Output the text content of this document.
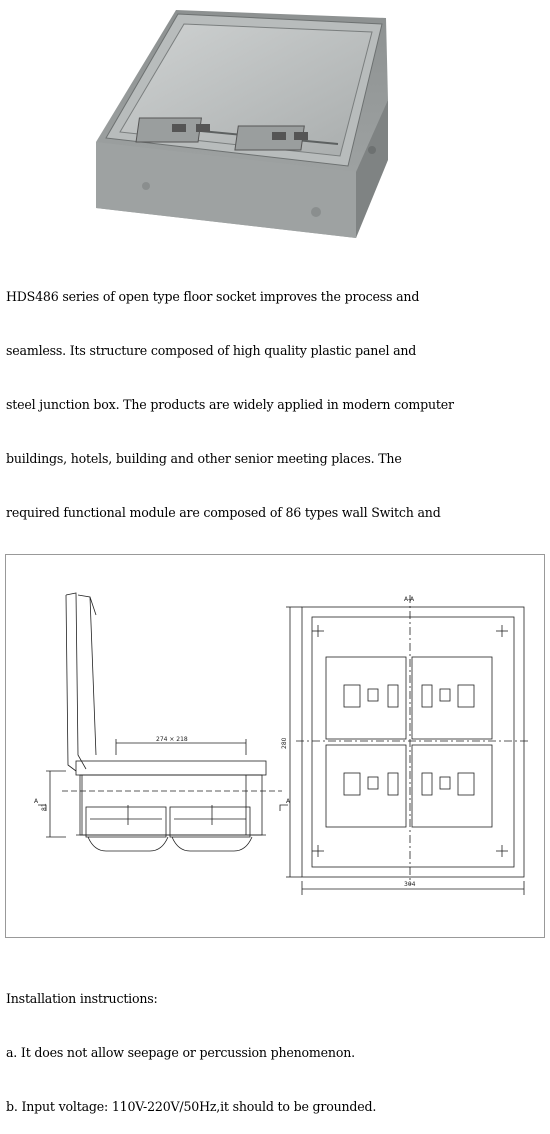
HDS486 series of open type floor socket improves the process and

seamless. Its structure composed of high quality plastic panel and

steel junction box. The products are widely applied in modern computer

buildings, hotels, building and other senior meeting places. The

required functional module are composed of 86 types wall Switch and

Installation instructions:

a. It does not allow seepage or percussion phenomenon.

b. Input voltage: 110V-220V/50Hz,it should to be grounded.

274 × 218
A	A
A-A
280
304
81
